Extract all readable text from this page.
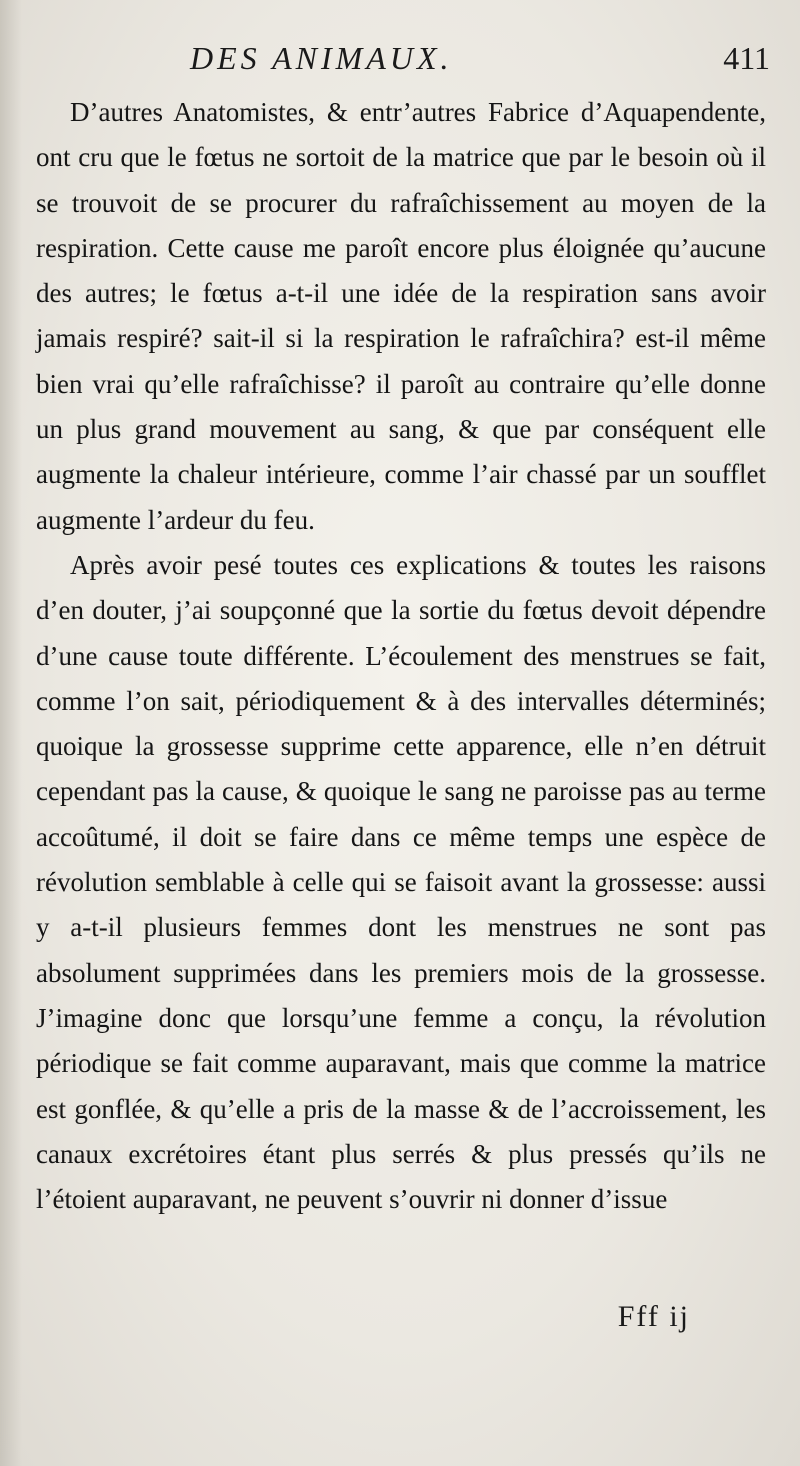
DES ANIMAUX.	411

D’autres Anatomistes, & entr’autres Fabrice d’Aquapendente, ont cru que le fœtus ne sortoit de la matrice que par le besoin où il se trouvoit de se procurer du rafraîchissement au moyen de la respiration. Cette cause me paroît encore plus éloignée qu’aucune des autres; le fœtus a-t-il une idée de la respiration sans avoir jamais respiré? sait-il si la respiration le rafraîchira? est-il même bien vrai qu’elle rafraîchisse? il paroît au contraire qu’elle donne un plus grand mouvement au sang, & que par conséquent elle augmente la chaleur intérieure, comme l’air chassé par un soufflet augmente l’ardeur du feu.

Après avoir pesé toutes ces explications & toutes les raisons d’en douter, j’ai soupçonné que la sortie du fœtus devoit dépendre d’une cause toute différente. L’écoulement des menstrues se fait, comme l’on sait, périodiquement & à des intervalles déterminés; quoique la grossesse supprime cette apparence, elle n’en détruit cependant pas la cause, & quoique le sang ne paroisse pas au terme accoûtumé, il doit se faire dans ce même temps une espèce de révolution semblable à celle qui se faisoit avant la grossesse: aussi y a-t-il plusieurs femmes dont les menstrues ne sont pas absolument supprimées dans les premiers mois de la grossesse. J’imagine donc que lorsqu’une femme a conçu, la révolution périodique se fait comme auparavant, mais que comme la matrice est gonflée, & qu’elle a pris de la masse & de l’accroissement, les canaux excrétoires étant plus serrés & plus pressés qu’ils ne l’étoient auparavant, ne peuvent s’ouvrir ni donner d’issue

Fff ij
